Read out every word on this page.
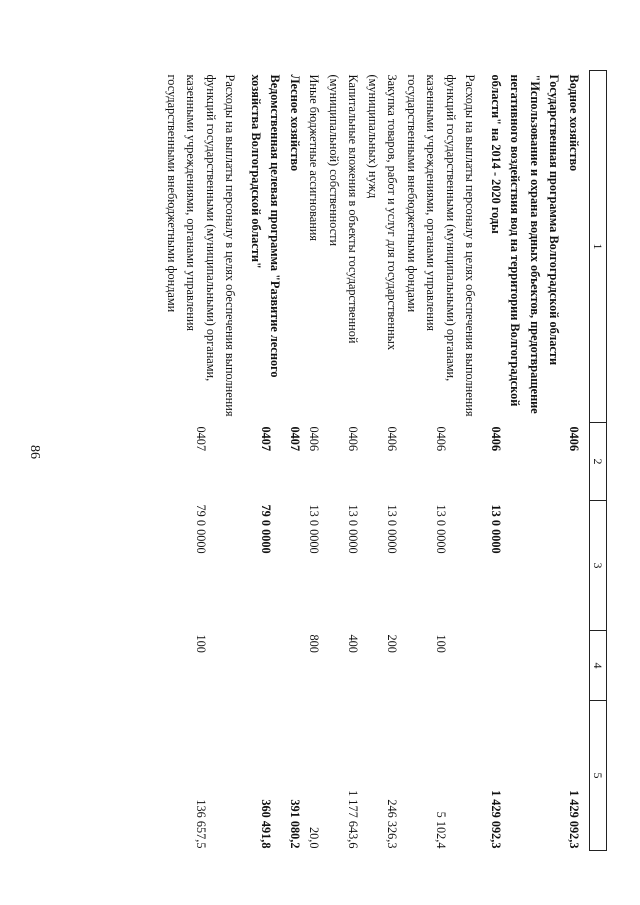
86
1	2	3	4	5
Водное хозяйство	0406			1 429 092,3
Государственная программа Волгоградской области "Использование и охрана водных объектов, предотвращение негативного воздействия вод на территории Волгоградской области" на 2014 - 2020 годы	0406	13 0 0000		1 429 092,3
Расходы на выплаты персоналу в целях обеспечения выполнения функций государственными (муниципальными) органами, казенными учреждениями, органами управления государственными внебюджетными фондами	0406	13 0 0000	100	5 102,4
Закупка товаров, работ и услуг для государственных (муниципальных) нужд	0406	13 0 0000	200	246 326,3
Капитальные вложения в объекты государственной (муниципальной) собственности	0406	13 0 0000	400	1 177 643,6
Иные бюджетные ассигнования	0406	13 0 0000	800	20,0
Лесное хозяйство	0407			391 080,2
Ведомственная целевая программа "Развитие лесного хозяйства Волгоградской области"	0407	79 0 0000		360 491,8
Расходы на выплаты персоналу в целях обеспечения выполнения функций государственными (муниципальными) органами, казенными учреждениями, органами управления государственными внебюджетными фондами	0407	79 0 0000	100	136 657,5
